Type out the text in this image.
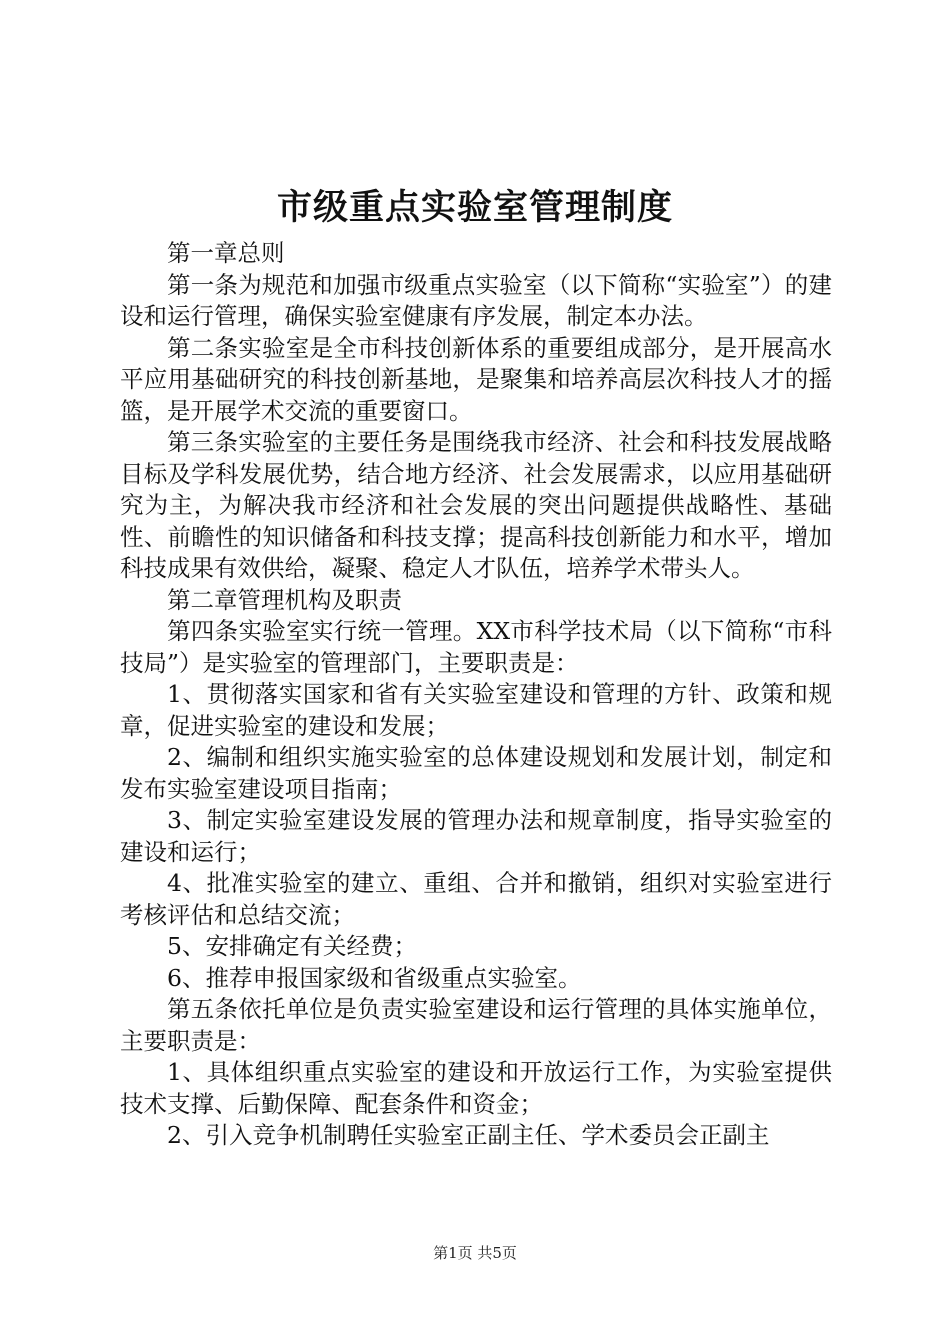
市级重点实验室管理制度

第一章总则

第一条为规范和加强市级重点实验室（以下简称“实验室”）的建设和运行管理，确保实验室健康有序发展，制定本办法。

第二条实验室是全市科技创新体系的重要组成部分，是开展高水平应用基础研究的科技创新基地，是聚集和培养高层次科技人才的摇篮，是开展学术交流的重要窗口。

第三条实验室的主要任务是围绕我市经济、社会和科技发展战略目标及学科发展优势，结合地方经济、社会发展需求，以应用基础研究为主，为解决我市经济和社会发展的突出问题提供战略性、基础性、前瞻性的知识储备和科技支撑；提高科技创新能力和水平，增加科技成果有效供给，凝聚、稳定人才队伍，培养学术带头人。

第二章管理机构及职责

第四条实验室实行统一管理。XX市科学技术局（以下简称“市科技局”）是实验室的管理部门，主要职责是：

1、贯彻落实国家和省有关实验室建设和管理的方针、政策和规章，促进实验室的建设和发展；

2、编制和组织实施实验室的总体建设规划和发展计划，制定和发布实验室建设项目指南；

3、制定实验室建设发展的管理办法和规章制度，指导实验室的建设和运行；

4、批准实验室的建立、重组、合并和撤销，组织对实验室进行考核评估和总结交流；

5、安排确定有关经费；

6、推荐申报国家级和省级重点实验室。

第五条依托单位是负责实验室建设和运行管理的具体实施单位，主要职责是：

1、具体组织重点实验室的建设和开放运行工作，为实验室提供技术支撑、后勤保障、配套条件和资金；

2、引入竞争机制聘任实验室正副主任、学术委员会正副主

第1页 共5页
